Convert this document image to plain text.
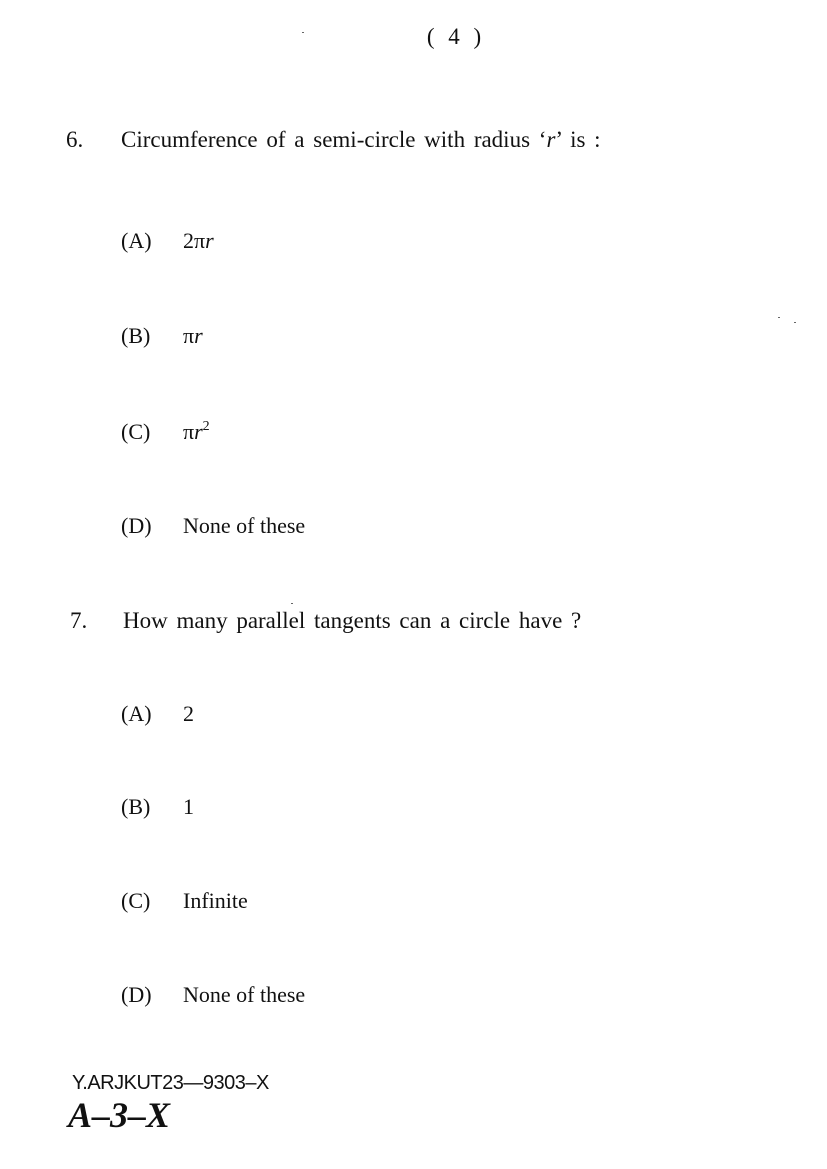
( 4 )
6. Circumference of a semi-circle with radius ‘r’ is :
(A) 2πr
(B) πr
(C) $\pi r^2$
(D) None of these
7. How many parallel tangents can a circle have ?
(A) 2
(B) 1
(C) Infinite
(D) None of these
Y.ARJKUT23—9303–X
A–3–X
